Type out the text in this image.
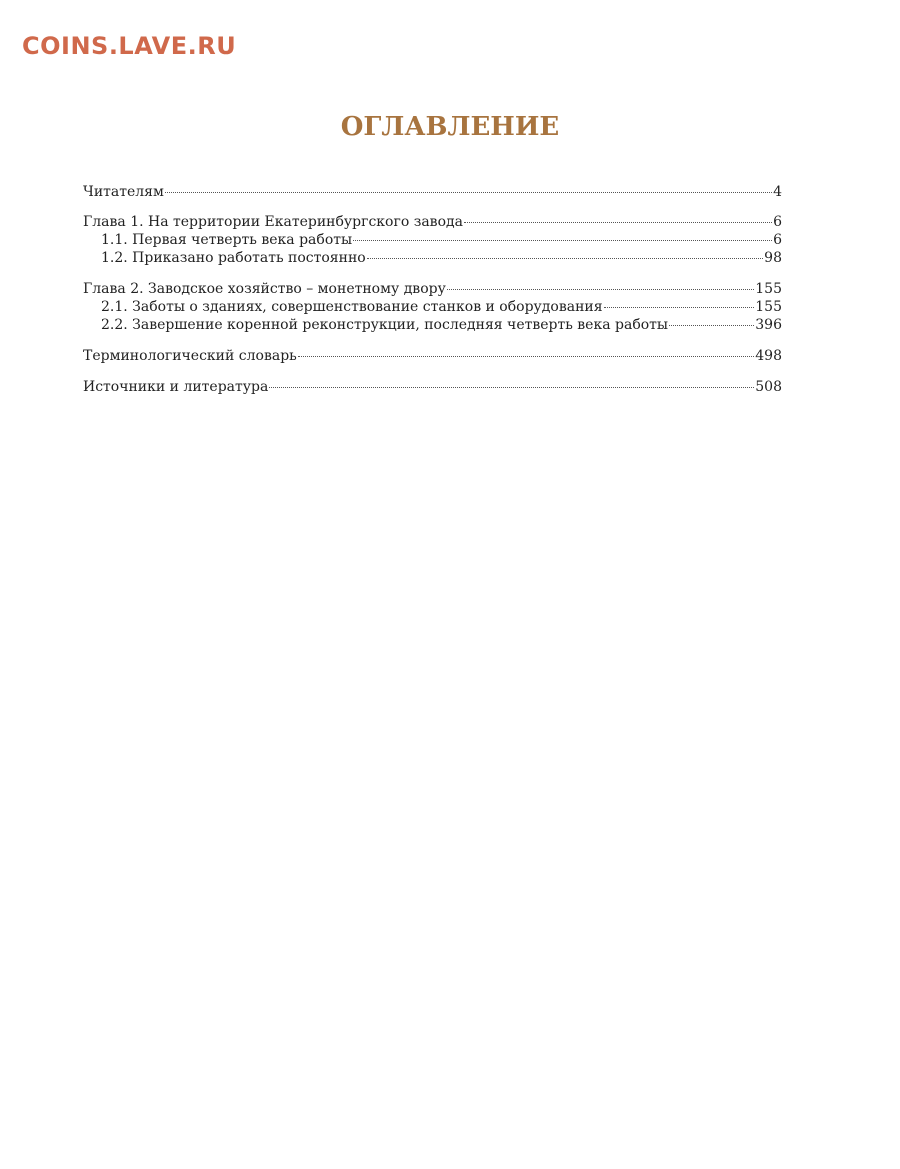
COINS.LAVE.RU
ОГЛАВЛЕНИЕ
Читателям	4
Глава 1. На территории Екатеринбургского завода	6
1.1. Первая четверть века работы	6
1.2. Приказано работать постоянно	98
Глава 2. Заводское хозяйство – монетному двору	155
2.1. Заботы о зданиях, совершенствование станков и оборудования	155
2.2. Завершение коренной реконструкции, последняя четверть века работы	396
Терминологический словарь	498
Источники и литература	508
